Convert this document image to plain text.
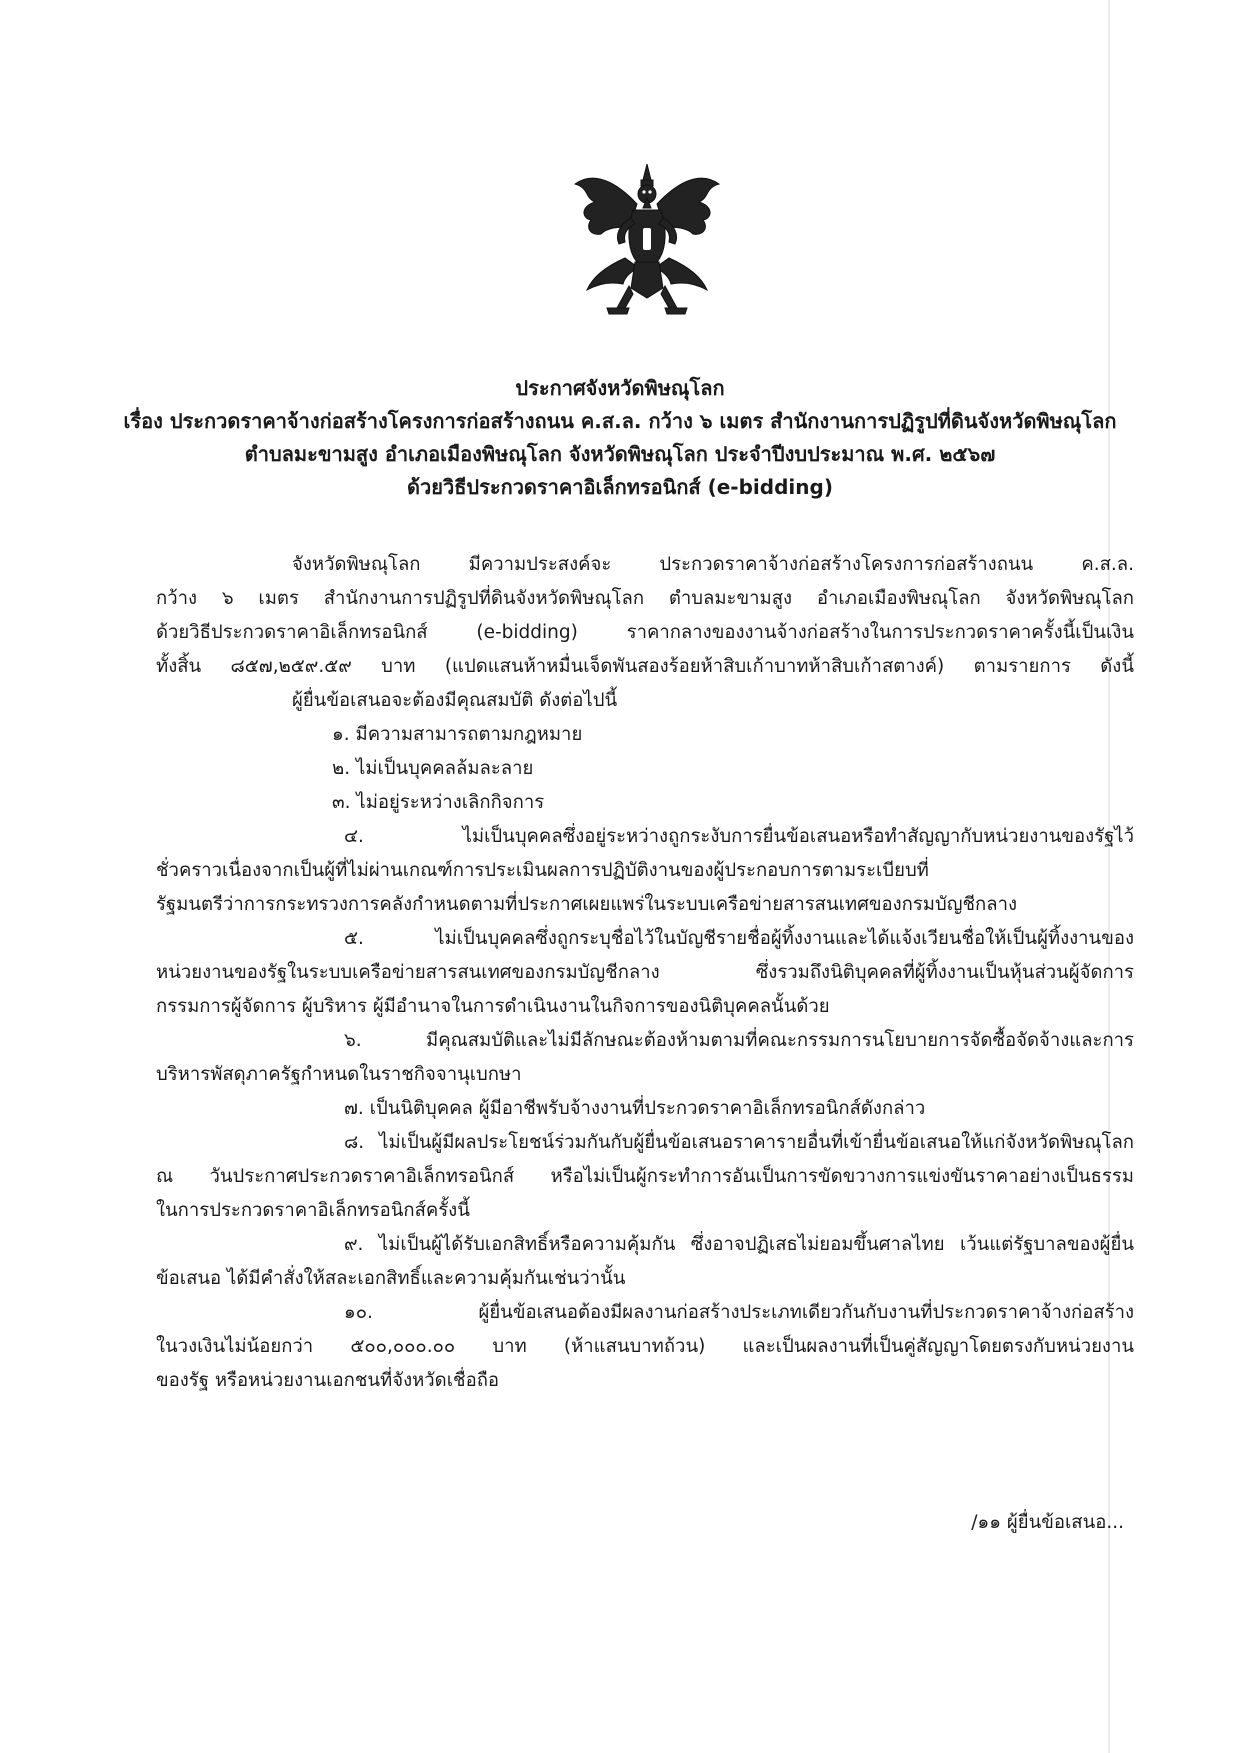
ประกาศจังหวัดพิษณุโลก
เรื่อง ประกวดราคาจ้างก่อสร้างโครงการก่อสร้างถนน ค.ส.ล. กว้าง ๖ เมตร สำนักงานการปฏิรูปที่ดินจังหวัดพิษณุโลก
ตำบลมะขามสูง อำเภอเมืองพิษณุโลก จังหวัดพิษณุโลก ประจำปีงบประมาณ พ.ศ. ๒๕๖๗
ด้วยวิธีประกวดราคาอิเล็กทรอนิกส์ (e-bidding)
จังหวัดพิษณุโลก มีความประสงค์จะ ประกวดราคาจ้างก่อสร้างโครงการก่อสร้างถนน ค.ส.ล.
กว้าง ๖ เมตร สำนักงานการปฏิรูปที่ดินจังหวัดพิษณุโลก ตำบลมะขามสูง อำเภอเมืองพิษณุโลก จังหวัดพิษณุโลก
ด้วยวิธีประกวดราคาอิเล็กทรอนิกส์ (e-bidding) ราคากลางของงานจ้างก่อสร้างในการประกวดราคาครั้งนี้เป็นเงิน
ทั้งสิ้น ๘๕๗,๒๕๙.๕๙ บาท (แปดแสนห้าหมื่นเจ็ดพันสองร้อยห้าสิบเก้าบาทห้าสิบเก้าสตางค์) ตามรายการ ดังนี้
ผู้ยื่นข้อเสนอจะต้องมีคุณสมบัติ ดังต่อไปนี้
๑. มีความสามารถตามกฎหมาย
๒. ไม่เป็นบุคคลล้มละลาย
๓. ไม่อยู่ระหว่างเลิกกิจการ
๔. ไม่เป็นบุคคลซึ่งอยู่ระหว่างถูกระงับการยื่นข้อเสนอหรือทำสัญญากับหน่วยงานของรัฐไว้
ชั่วคราวเนื่องจากเป็นผู้ที่ไม่ผ่านเกณฑ์การประเมินผลการปฏิบัติงานของผู้ประกอบการตามระเบียบที่
รัฐมนตรีว่าการกระทรวงการคลังกำหนดตามที่ประกาศเผยแพร่ในระบบเครือข่ายสารสนเทศของกรมบัญชีกลาง
๕. ไม่เป็นบุคคลซึ่งถูกระบุชื่อไว้ในบัญชีรายชื่อผู้ทิ้งงานและได้แจ้งเวียนชื่อให้เป็นผู้ทิ้งงานของ
หน่วยงานของรัฐในระบบเครือข่ายสารสนเทศของกรมบัญชีกลาง ซึ่งรวมถึงนิติบุคคลที่ผู้ทิ้งงานเป็นหุ้นส่วนผู้จัดการ
กรรมการผู้จัดการ ผู้บริหาร ผู้มีอำนาจในการดำเนินงานในกิจการของนิติบุคคลนั้นด้วย
๖. มีคุณสมบัติและไม่มีลักษณะต้องห้ามตามที่คณะกรรมการนโยบายการจัดซื้อจัดจ้างและการ
บริหารพัสดุภาครัฐกำหนดในราชกิจจานุเบกษา
๗. เป็นนิติบุคคล ผู้มีอาชีพรับจ้างงานที่ประกวดราคาอิเล็กทรอนิกส์ดังกล่าว
๘. ไม่เป็นผู้มีผลประโยชน์ร่วมกันกับผู้ยื่นข้อเสนอราคารายอื่นที่เข้ายื่นข้อเสนอให้แก่จังหวัดพิษณุโลก
ณ วันประกาศประกวดราคาอิเล็กทรอนิกส์ หรือไม่เป็นผู้กระทำการอันเป็นการขัดขวางการแข่งขันราคาอย่างเป็นธรรม
ในการประกวดราคาอิเล็กทรอนิกส์ครั้งนี้
๙. ไม่เป็นผู้ได้รับเอกสิทธิ์หรือความคุ้มกัน ซึ่งอาจปฏิเสธไม่ยอมขึ้นศาลไทย เว้นแต่รัฐบาลของผู้ยื่น
ข้อเสนอ ได้มีคำสั่งให้สละเอกสิทธิ์และความคุ้มกันเช่นว่านั้น
๑๐. ผู้ยื่นข้อเสนอต้องมีผลงานก่อสร้างประเภทเดียวกันกับงานที่ประกวดราคาจ้างก่อสร้าง
ในวงเงินไม่น้อยกว่า ๕๐๐,๐๐๐.๐๐ บาท (ห้าแสนบาทถ้วน) และเป็นผลงานที่เป็นคู่สัญญาโดยตรงกับหน่วยงาน
ของรัฐ หรือหน่วยงานเอกชนที่จังหวัดเชื่อถือ
/๑๑ ผู้ยื่นข้อเสนอ...
